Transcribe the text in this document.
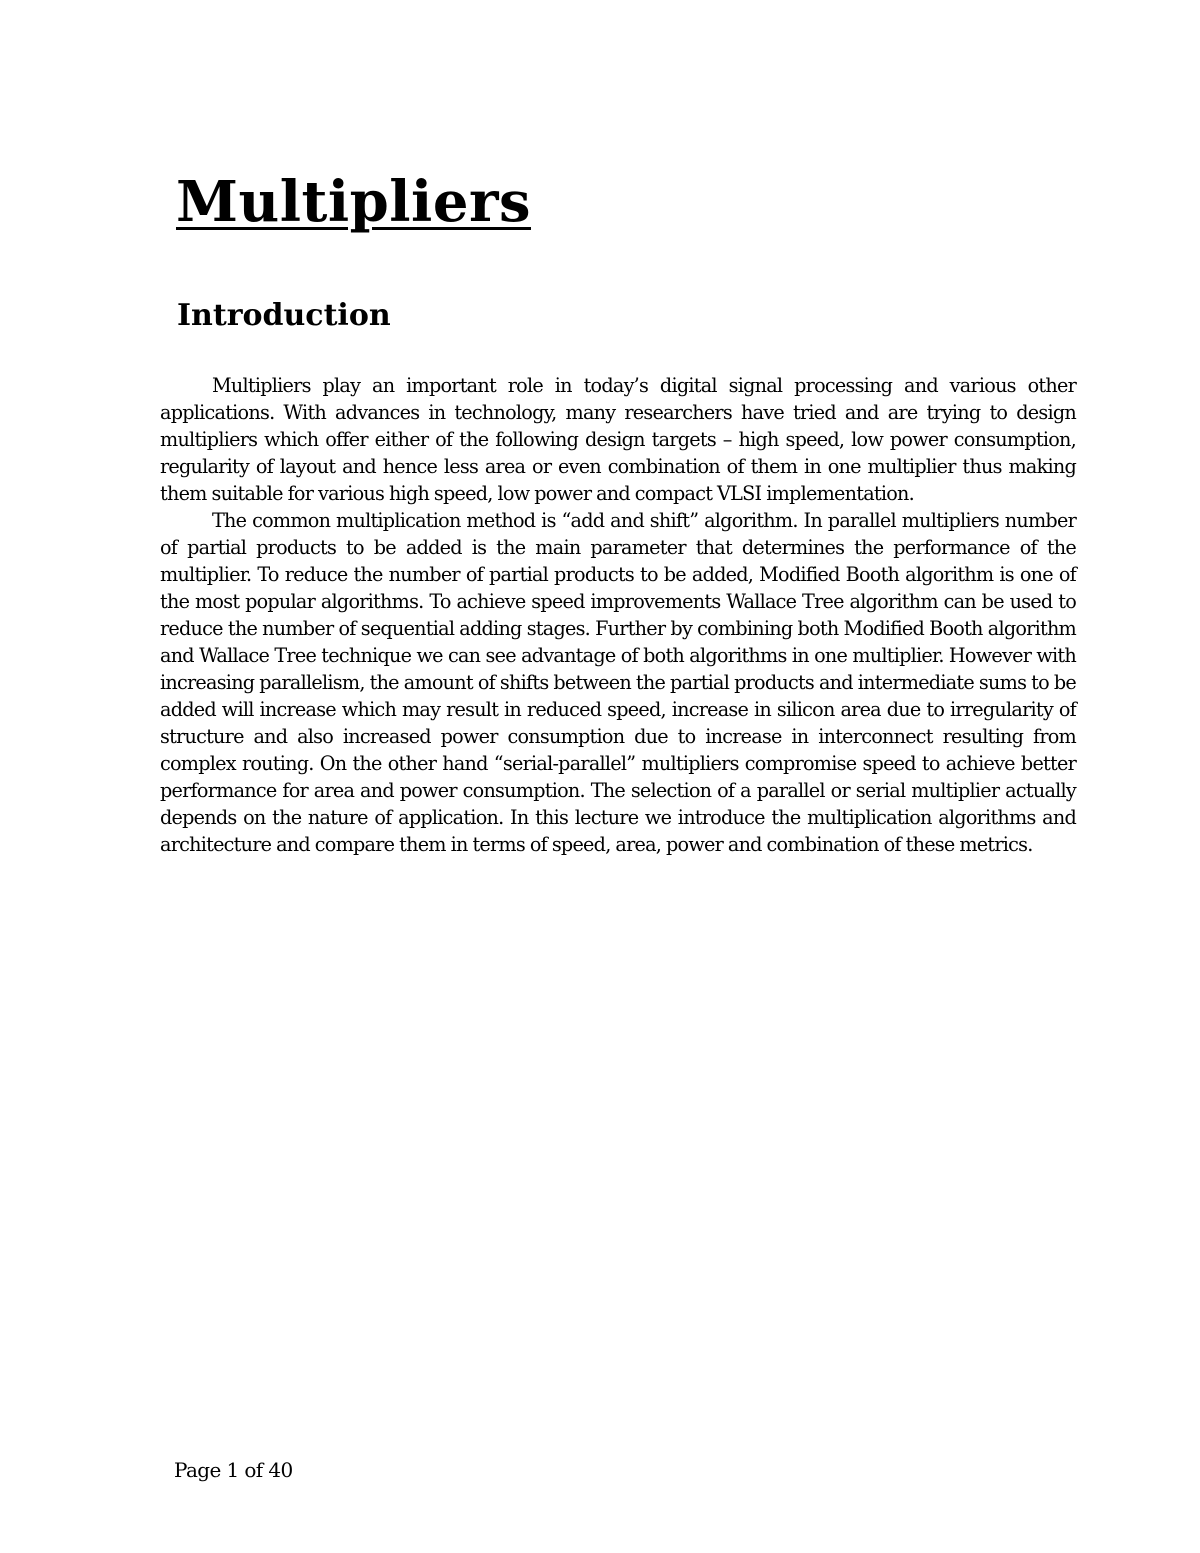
Multipliers
Introduction

Multipliers play an important role in today’s digital signal processing and various other applications. With advances in technology, many researchers have tried and are trying to design multipliers which offer either of the following design targets – high speed, low power consumption, regularity of layout and hence less area or even combination of them in one multiplier thus making them suitable for various high speed, low power and compact VLSI implementation.

The common multiplication method is “add and shift” algorithm. In parallel multipliers number of partial products to be added is the main parameter that determines the performance of the multiplier. To reduce the number of partial products to be added, Modified Booth algorithm is one of the most popular algorithms. To achieve speed improvements Wallace Tree algorithm can be used to reduce the number of sequential adding stages. Further by combining both Modified Booth algorithm and Wallace Tree technique we can see advantage of both algorithms in one multiplier. However with increasing parallelism, the amount of shifts between the partial products and intermediate sums to be added will increase which may result in reduced speed, increase in silicon area due to irregularity of structure and also increased power consumption due to increase in interconnect resulting from complex routing. On the other hand “serial-parallel” multipliers compromise speed to achieve better performance for area and power consumption. The selection of a parallel or serial multiplier actually depends on the nature of application. In this lecture we introduce the multiplication algorithms and architecture and compare them in terms of speed, area, power and combination of these metrics.

Page 1 of 40
